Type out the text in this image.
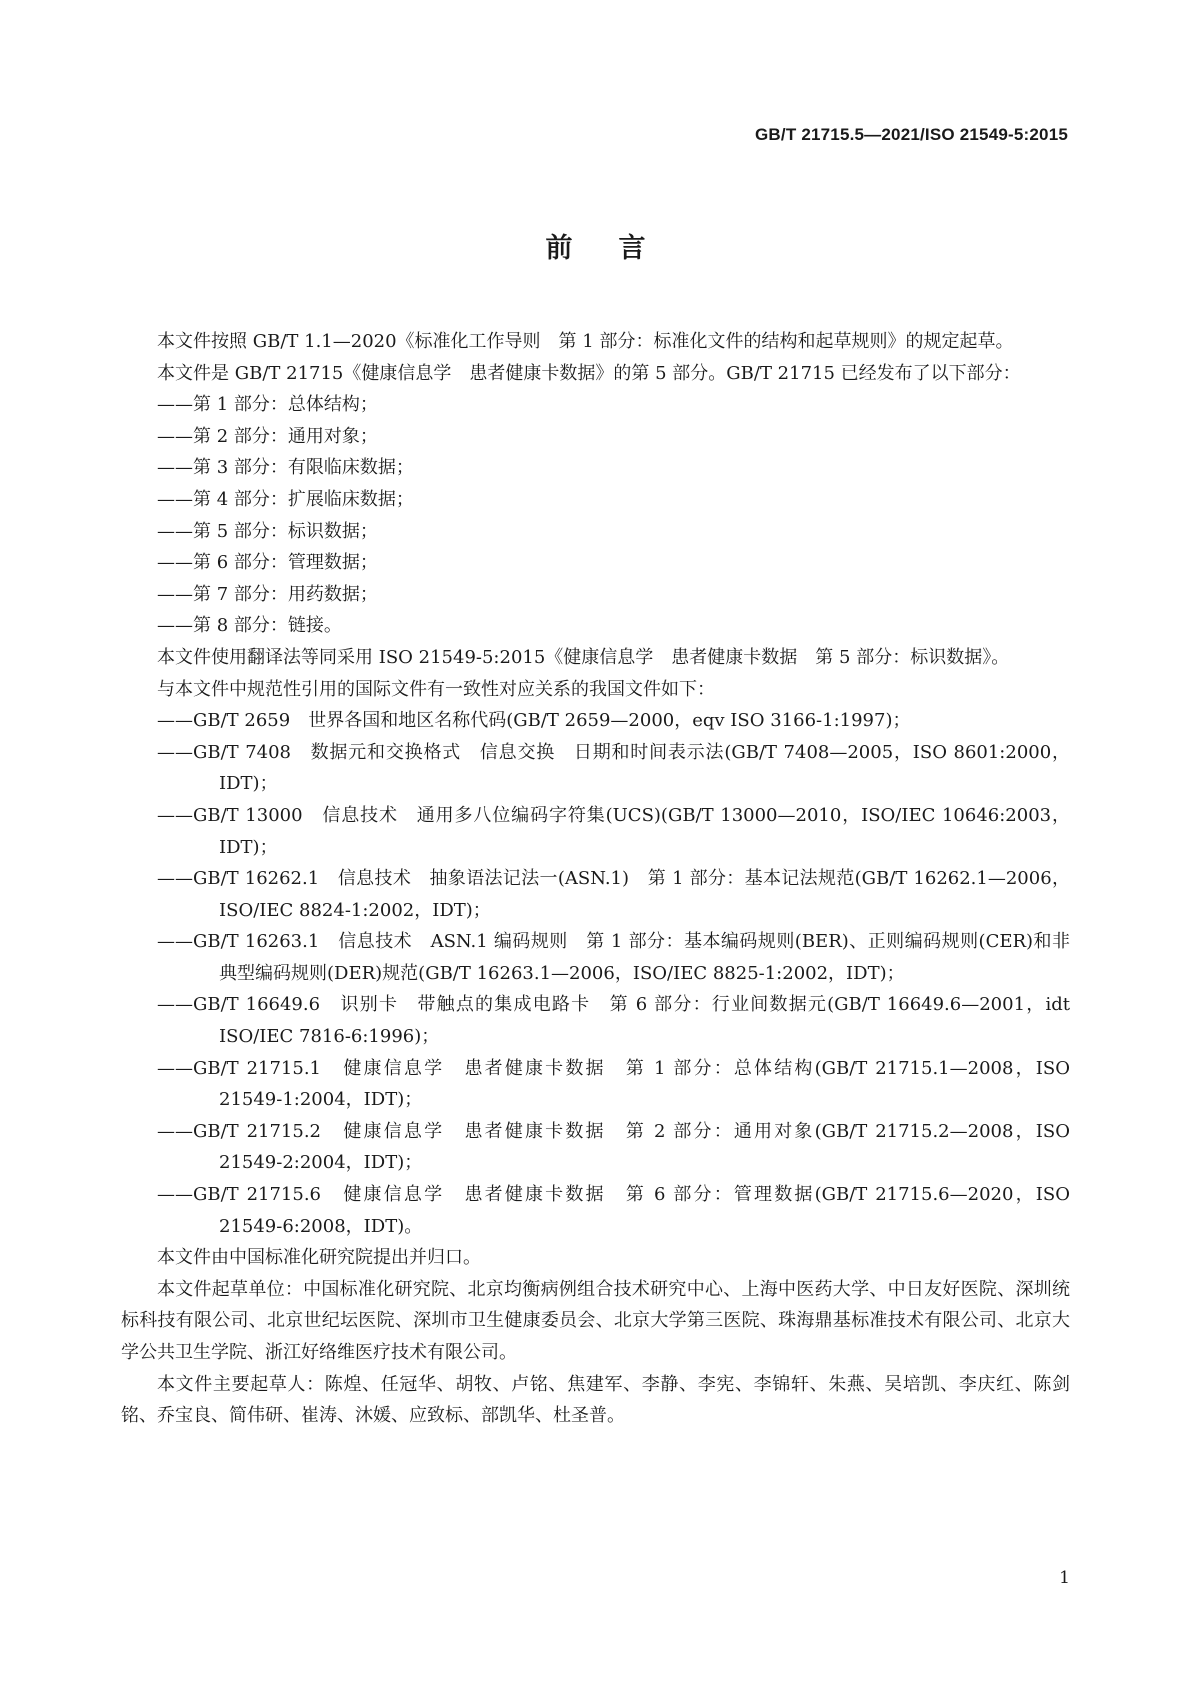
GB/T 21715.5—2021/ISO 21549-5:2015
前言

本文件按照 GB/T 1.1—2020《标准化工作导则　第 1 部分：标准化文件的结构和起草规则》的规定起草。

本文件是 GB/T 21715《健康信息学　患者健康卡数据》的第 5 部分。GB/T 21715 已经发布了以下部分：

——第 1 部分：总体结构；

——第 2 部分：通用对象；

——第 3 部分：有限临床数据；

——第 4 部分：扩展临床数据；

——第 5 部分：标识数据；

——第 6 部分：管理数据；

——第 7 部分：用药数据；

——第 8 部分：链接。

本文件使用翻译法等同采用 ISO 21549-5:2015《健康信息学　患者健康卡数据　第 5 部分：标识数据》。

与本文件中规范性引用的国际文件有一致性对应关系的我国文件如下：

——GB/T 2659　世界各国和地区名称代码(GB/T 2659—2000，eqv ISO 3166-1:1997)；

——GB/T 7408　数据元和交换格式　信息交换　日期和时间表示法(GB/T 7408—2005，ISO 8601:2000，IDT)；

——GB/T 13000　信息技术　通用多八位编码字符集(UCS)(GB/T 13000—2010，ISO/IEC 10646:2003，IDT)；

——GB/T 16262.1　信息技术　抽象语法记法一(ASN.1)　第 1 部分：基本记法规范(GB/T 16262.1—2006，ISO/IEC 8824-1:2002，IDT)；

——GB/T 16263.1　信息技术　ASN.1 编码规则　第 1 部分：基本编码规则(BER)、正则编码规则(CER)和非典型编码规则(DER)规范(GB/T 16263.1—2006，ISO/IEC 8825-1:2002，IDT)；

——GB/T 16649.6　识别卡　带触点的集成电路卡　第 6 部分：行业间数据元(GB/T 16649.6—2001，idt ISO/IEC 7816-6:1996)；

——GB/T 21715.1　健康信息学　患者健康卡数据　第 1 部分：总体结构(GB/T 21715.1—2008，ISO 21549-1:2004，IDT)；

——GB/T 21715.2　健康信息学　患者健康卡数据　第 2 部分：通用对象(GB/T 21715.2—2008，ISO 21549-2:2004，IDT)；

——GB/T 21715.6　健康信息学　患者健康卡数据　第 6 部分：管理数据(GB/T 21715.6—2020，ISO 21549-6:2008，IDT)。

本文件由中国标准化研究院提出并归口。

本文件起草单位：中国标准化研究院、北京均衡病例组合技术研究中心、上海中医药大学、中日友好医院、深圳统标科技有限公司、北京世纪坛医院、深圳市卫生健康委员会、北京大学第三医院、珠海鼎基标准技术有限公司、北京大学公共卫生学院、浙江好络维医疗技术有限公司。

本文件主要起草人：陈煌、任冠华、胡牧、卢铭、焦建军、李静、李宪、李锦轩、朱燕、吴培凯、李庆红、陈剑铭、乔宝良、简伟研、崔涛、沐媛、应致标、部凯华、杜圣普。

1
